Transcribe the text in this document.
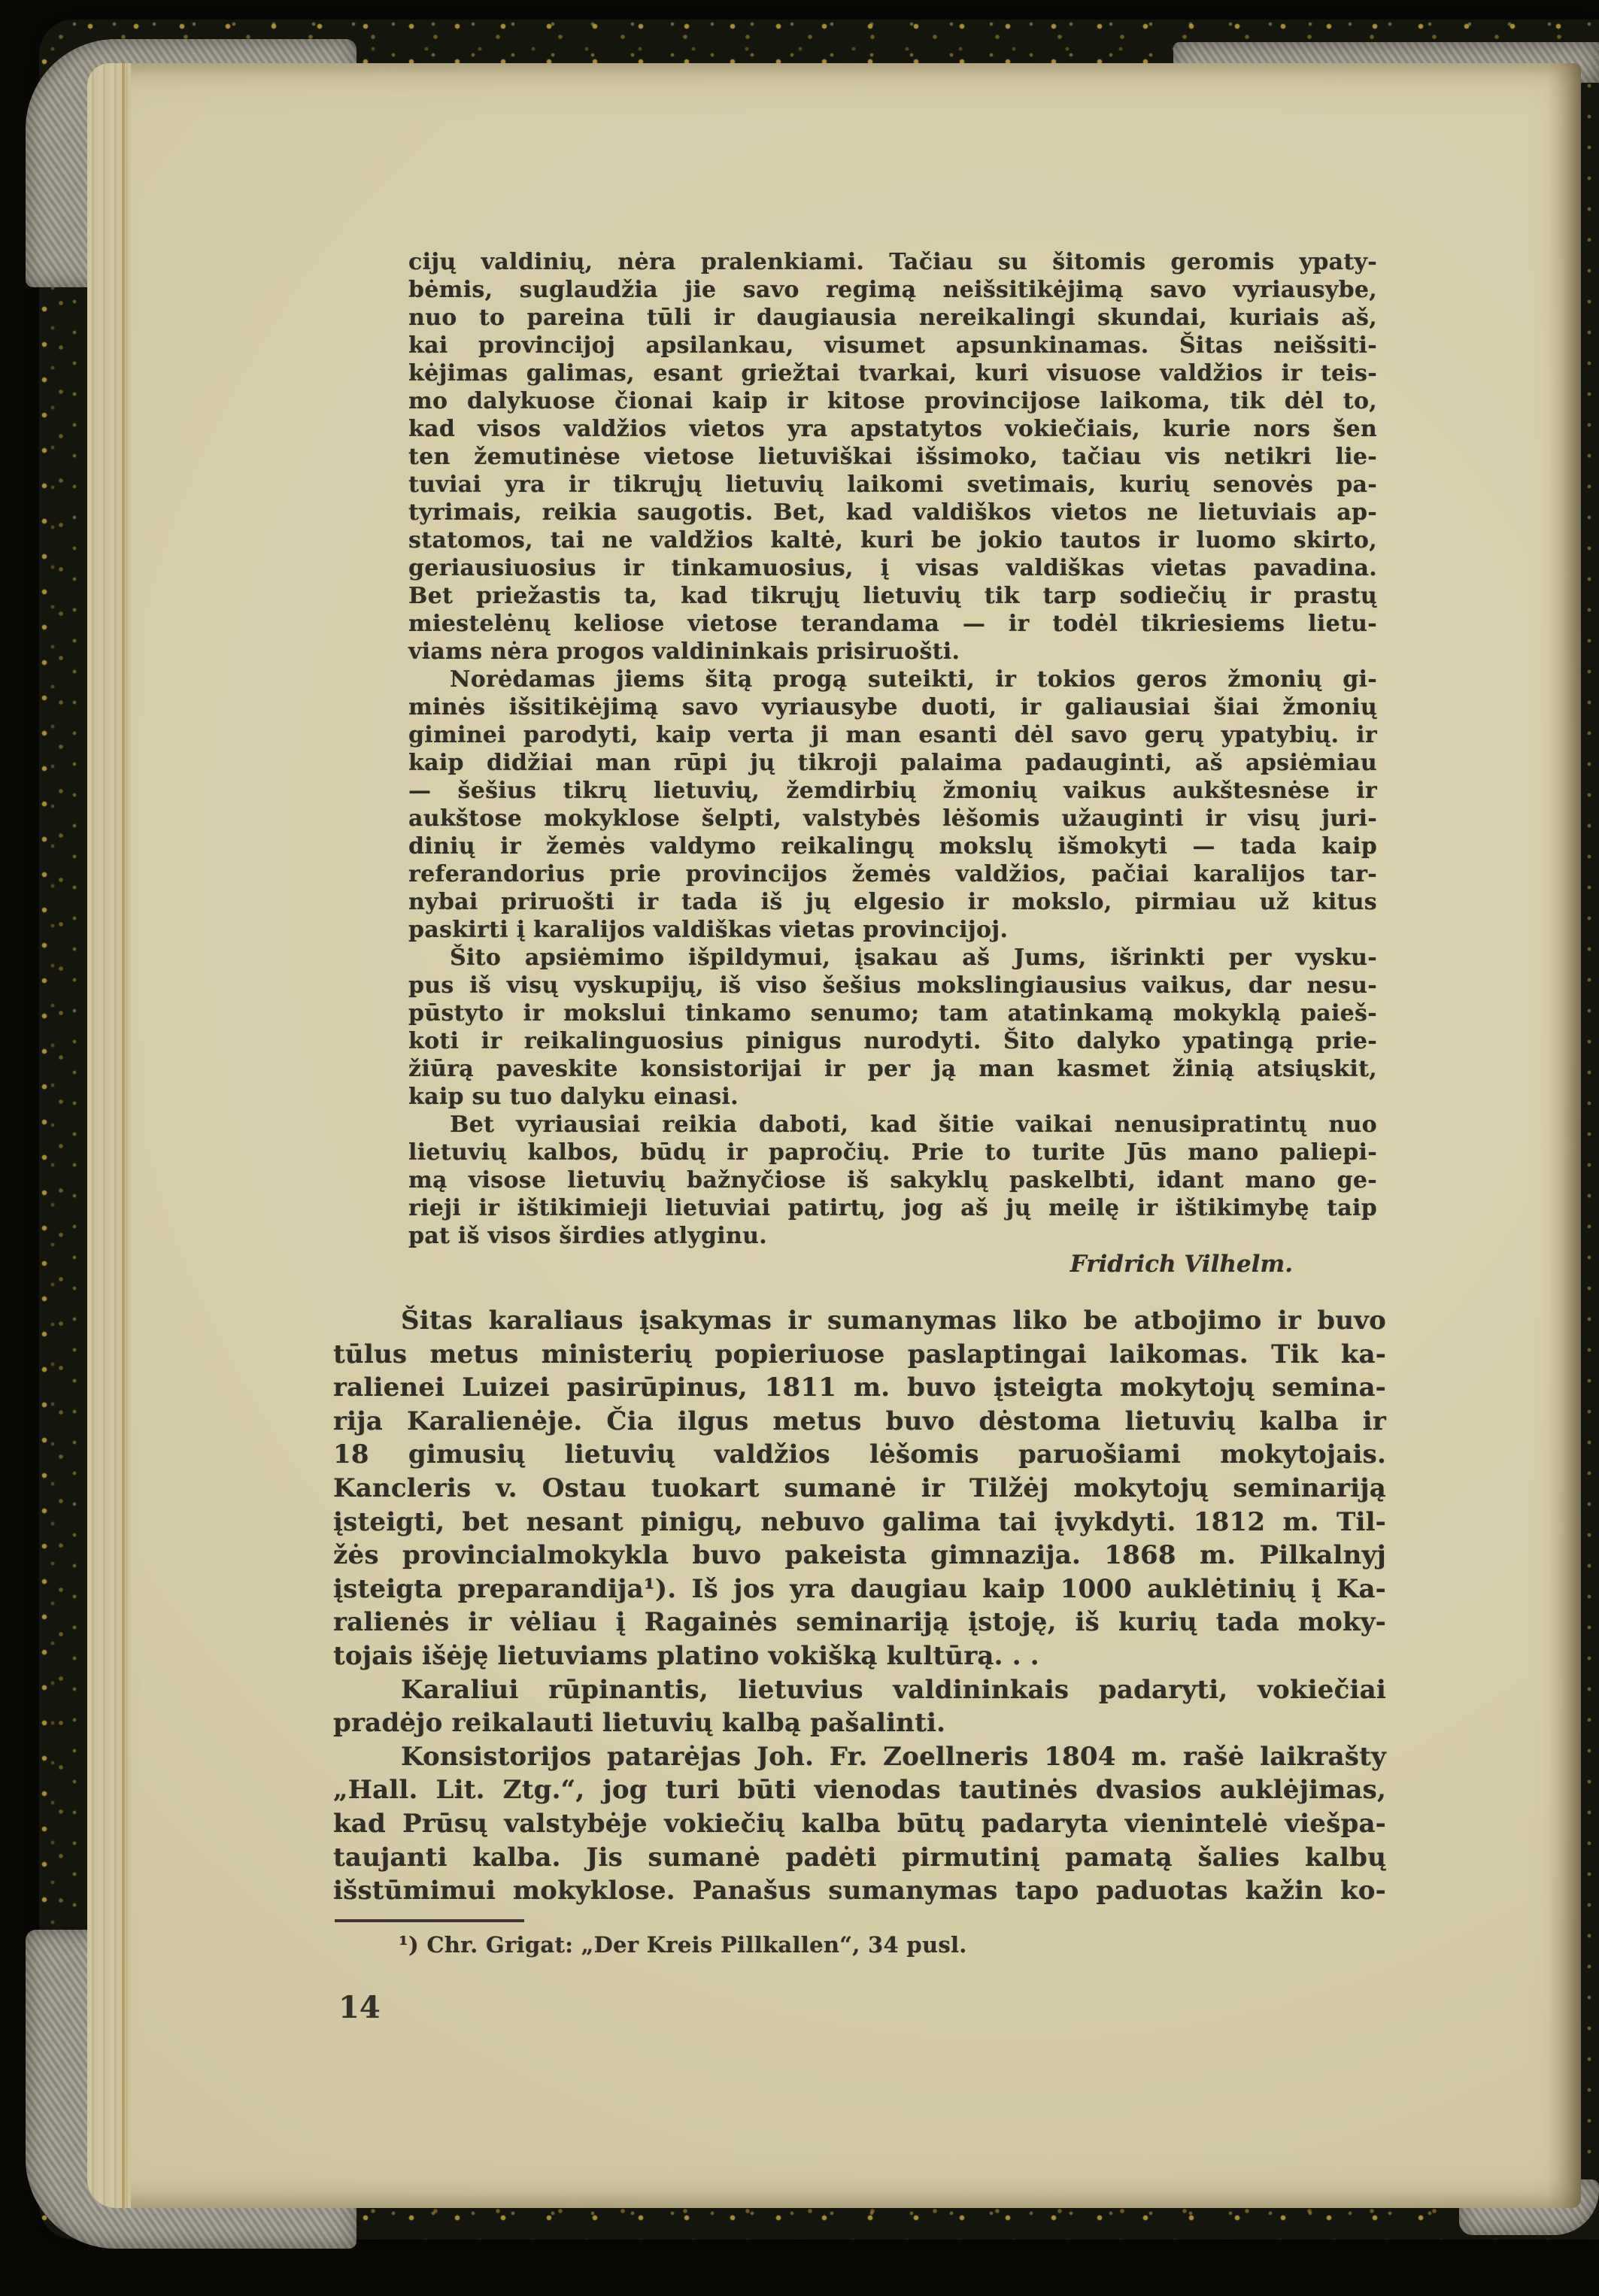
cijų valdinių, nėra pralenkiami. Tačiau su šitomis geromis ypaty-
bėmis, suglaudžia jie savo regimą neišsitikėjimą savo vyriausybe,
nuo to pareina tūli ir daugiausia nereikalingi skundai, kuriais aš,
kai provincijoj apsilankau, visumet apsunkinamas. Šitas neišsiti-
kėjimas galimas, esant griežtai tvarkai, kuri visuose valdžios ir teis-
mo dalykuose čionai kaip ir kitose provincijose laikoma, tik dėl to,
kad visos valdžios vietos yra apstatytos vokiečiais, kurie nors šen
ten žemutinėse vietose lietuviškai išsimoko, tačiau vis netikri lie-
tuviai yra ir tikrųjų lietuvių laikomi svetimais, kurių senovės pa-
tyrimais, reikia saugotis. Bet, kad valdiškos vietos ne lietuviais ap-
statomos, tai ne valdžios kaltė, kuri be jokio tautos ir luomo skirto,
geriausiuosius ir tinkamuosius, į visas valdiškas vietas pavadina.
Bet priežastis ta, kad tikrųjų lietuvių tik tarp sodiečių ir prastų
miestelėnų keliose vietose terandama — ir todėl tikriesiems lietu-
viams nėra progos valdininkais prisiruošti.
Norėdamas jiems šitą progą suteikti, ir tokios geros žmonių gi-
minės išsitikėjimą savo vyriausybe duoti, ir galiausiai šiai žmonių
giminei parodyti, kaip verta ji man esanti dėl savo gerų ypatybių. ir
kaip didžiai man rūpi jų tikroji palaima padauginti, aš apsiėmiau
— šešius tikrų lietuvių, žemdirbių žmonių vaikus aukštesnėse ir
aukštose mokyklose šelpti, valstybės lėšomis užauginti ir visų juri-
dinių ir žemės valdymo reikalingų mokslų išmokyti — tada kaip
referandorius prie provincijos žemės valdžios, pačiai karalijos tar-
nybai priruošti ir tada iš jų elgesio ir mokslo, pirmiau už kitus
paskirti į karalijos valdiškas vietas provincijoj.
Šito apsiėmimo išpildymui, įsakau aš Jums, išrinkti per vysku-
pus iš visų vyskupijų, iš viso šešius mokslingiausius vaikus, dar nesu-
pūstyto ir mokslui tinkamo senumo; tam atatinkamą mokyklą paieš-
koti ir reikalinguosius pinigus nurodyti. Šito dalyko ypatingą prie-
žiūrą paveskite konsistorijai ir per ją man kasmet žinią atsiųskit,
kaip su tuo dalyku einasi.
Bet vyriausiai reikia daboti, kad šitie vaikai nenusipratintų nuo
lietuvių kalbos, būdų ir papročių. Prie to turite Jūs mano paliepi-
mą visose lietuvių bažnyčiose iš sakyklų paskelbti, idant mano ge-
rieji ir ištikimieji lietuviai patirtų, jog aš jų meilę ir ištikimybę taip
pat iš visos širdies atlyginu.
Fridrich Vilhelm.
Šitas karaliaus įsakymas ir sumanymas liko be atbojimo ir buvo
tūlus metus ministerių popieriuose paslaptingai laikomas. Tik ka-
ralienei Luizei pasirūpinus, 1811 m. buvo įsteigta mokytojų semina-
rija Karalienėje. Čia ilgus metus buvo dėstoma lietuvių kalba ir
18 gimusių lietuvių valdžios lėšomis paruošiami mokytojais.
Kancleris v. Ostau tuokart sumanė ir Tilžėj mokytojų seminariją
įsteigti, bet nesant pinigų, nebuvo galima tai įvykdyti. 1812 m. Til-
žės provincialmokykla buvo pakeista gimnazija. 1868 m. Pilkalnyj
įsteigta preparandija¹). Iš jos yra daugiau kaip 1000 auklėtinių į Ka-
ralienės ir vėliau į Ragainės seminariją įstoję, iš kurių tada moky-
tojais išėję lietuviams platino vokišką kultūrą. . .
Karaliui rūpinantis, lietuvius valdininkais padaryti, vokiečiai
pradėjo reikalauti lietuvių kalbą pašalinti.
Konsistorijos patarėjas Joh. Fr. Zoellneris 1804 m. rašė laikrašty
„Hall. Lit. Ztg.“, jog turi būti vienodas tautinės dvasios auklėjimas,
kad Prūsų valstybėje vokiečių kalba būtų padaryta vienintelė viešpa-
taujanti kalba. Jis sumanė padėti pirmutinį pamatą šalies kalbų
išstūmimui mokyklose. Panašus sumanymas tapo paduotas kažin ko-
¹) Chr. Grigat: „Der Kreis Pillkallen“, 34 pusl.
14
